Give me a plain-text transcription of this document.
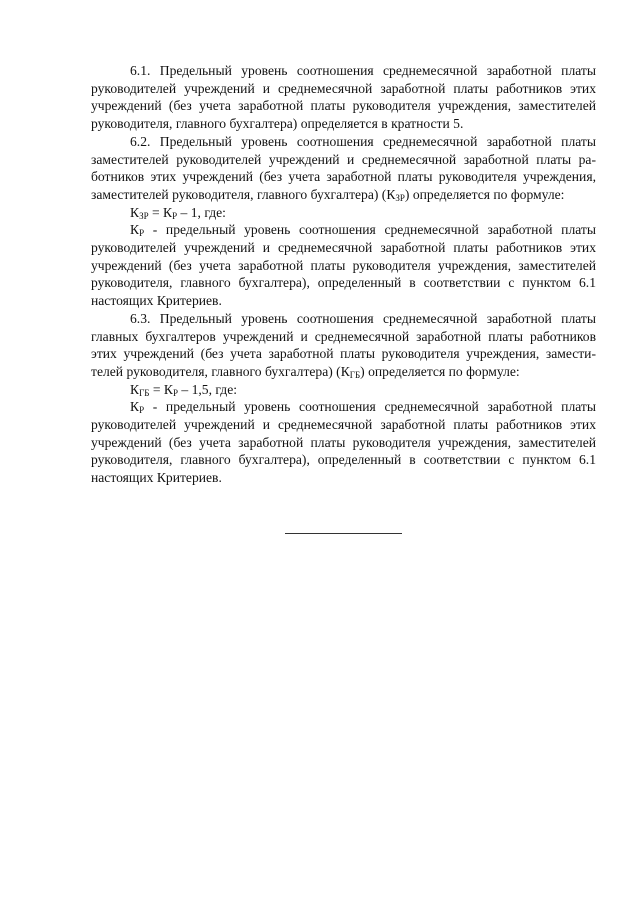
6.1. Предельный уровень соотношения среднемесячной заработной платы руководителей учреждений и среднемесячной заработной платы работников этих учреждений (без учета заработной платы руководителя учреждения, заместителей руководителя, главного бухгалтера) определяется в кратности 5.

6.2. Предельный уровень соотношения среднемесячной заработной платы заместителей руководителей учреждений и среднемесячной заработной платы работников этих учреждений (без учета заработной платы руководителя учреждения, заместителей руководителя, главного бухгалтера) $(К_{ЗР})$ определяется по формуле:

$К_{ЗР} = К_Р - 1$, где:

$К_Р$ - предельный уровень соотношения среднемесячной заработной платы руководителей учреждений и среднемесячной заработной платы работников этих учреждений (без учета заработной платы руководителя учреждения, заместителей руководителя, главного бухгалтера), определенный в соответствии с пунктом 6.1 настоящих Критериев.

6.3. Предельный уровень соотношения среднемесячной заработной платы главных бухгалтеров учреждений и среднемесячной заработной платы работников этих учреждений (без учета заработной платы руководителя учреждения, заместителей руководителя, главного бухгалтера) $(К_{ГБ})$ определяется по формуле:

$К_{ГБ} = К_Р - 1,5$, где:

$К_Р$ - предельный уровень соотношения среднемесячной заработной платы руководителей учреждений и среднемесячной заработной платы работников этих учреждений (без учета заработной платы руководителя учреждения, заместителей руководителя, главного бухгалтера), определенный в соответствии с пунктом 6.1 настоящих Критериев.
